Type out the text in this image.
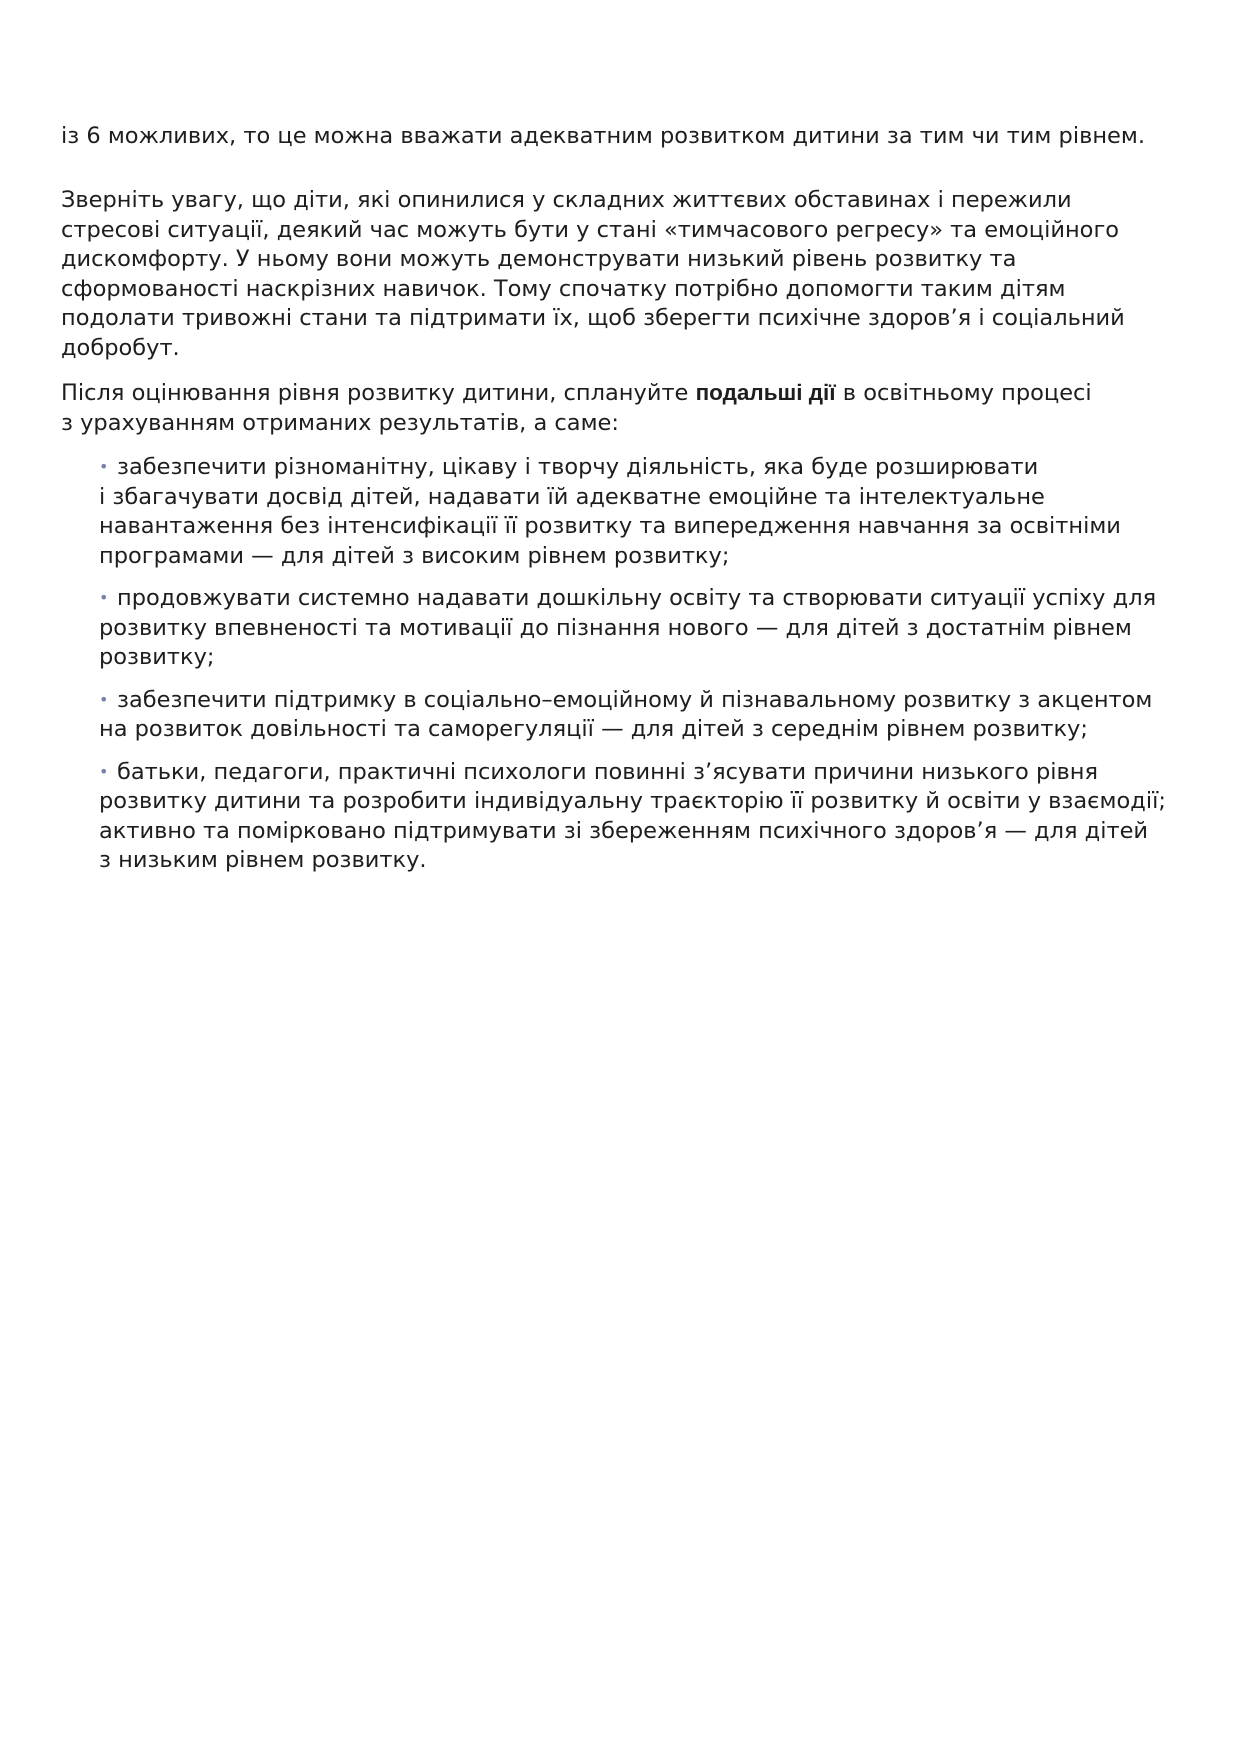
із 6 можливих, то це можна вважати адекватним розвитком дитини за тим чи тим рівнем.

Зверніть увагу, що діти, які опинилися у складних життєвих обставинах і пережили
стресові ситуації, деякий час можуть бути у стані «тимчасового регресу» та емоційного
дискомфорту. У ньому вони можуть демонструвати низький рівень розвитку та
сформованості наскрізних навичок. Тому спочатку потрібно допомогти таким дітям
подолати тривожні стани та підтримати їх, щоб зберегти психічне здоров’я і соціальний
добробут.

Після оцінювання рівня розвитку дитини, сплануйте подальші дії в освітньому процесі
з урахуванням отриманих результатів, а саме:

• забезпечити різноманітну, цікаву і творчу діяльність, яка буде розширювати
і збагачувати досвід дітей, надавати їй адекватне емоційне та інтелектуальне
навантаження без інтенсифікації її розвитку та випередження навчання за освітніми
програмами — для дітей з високим рівнем розвитку;
• продовжувати системно надавати дошкільну освіту та створювати ситуації успіху для
розвитку впевненості та мотивації до пізнання нового — для дітей з достатнім рівнем
розвитку;
• забезпечити підтримку в соціально–емоційному й пізнавальному розвитку з акцентом
на розвиток довільності та саморегуляції — для дітей з середнім рівнем розвитку;
• батьки, педагоги, практичні психологи повинні з’ясувати причини низького рівня
розвитку дитини та розробити індивідуальну траєкторію її розвитку й освіти у взаємодії;
активно та помірковано підтримувати зі збереженням психічного здоров’я — для дітей
з низьким рівнем розвитку.
